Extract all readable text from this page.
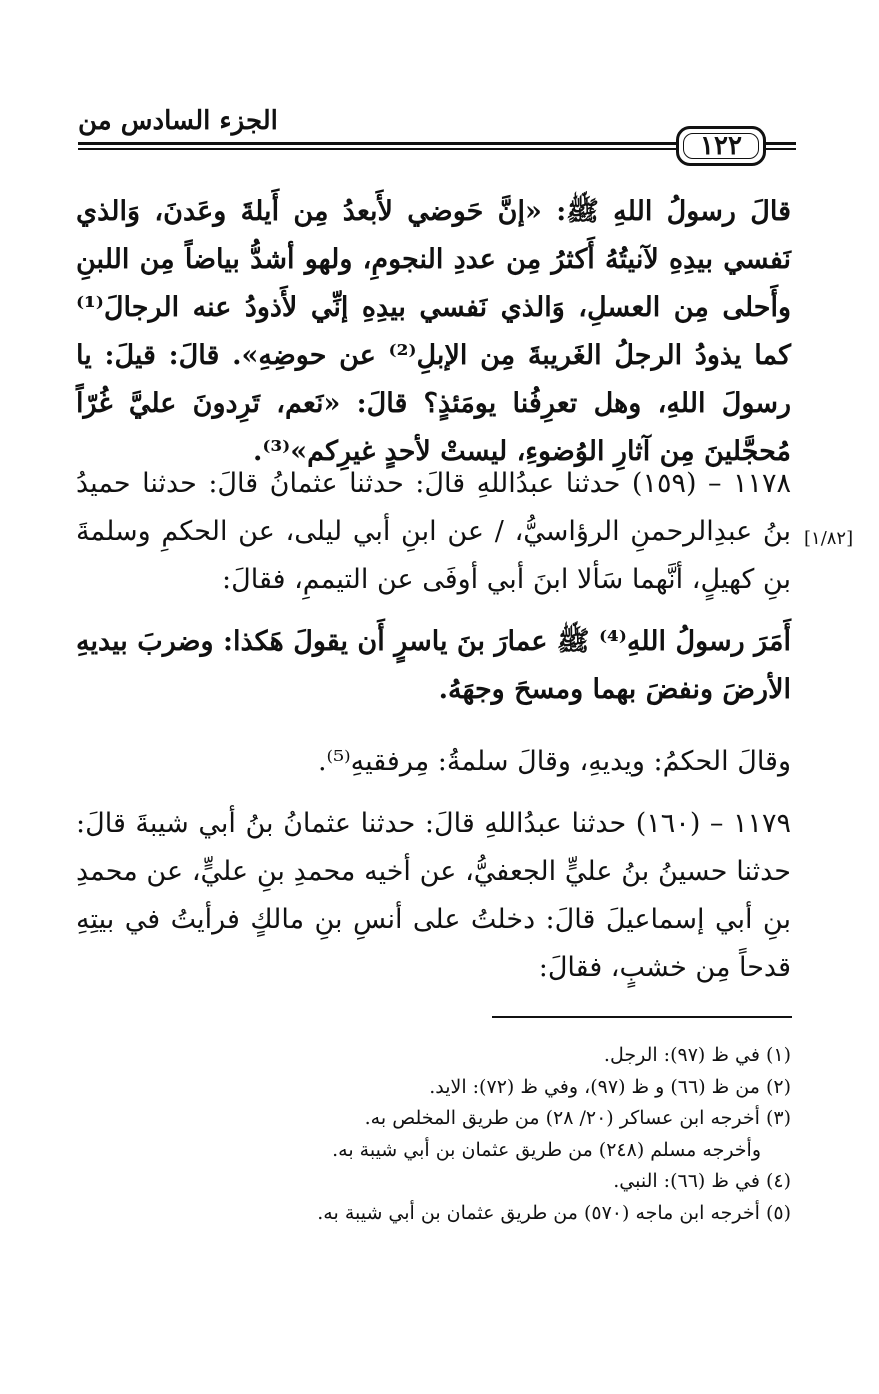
الجزء السادس من
١٢٢
قالَ رسولُ اللهِ ﷺ: «إنَّ حَوضي لأَبعدُ مِن أَيلةَ وعَدنَ، وَالذي نَفسي بيدِهِ لآنيتُهُ أَكثرُ مِن عددِ النجومِ، ولهو أشدُّ بياضاً مِن اللبنِ وأَحلى مِن العسلِ، وَالذي نَفسي بيدِهِ إنِّي لأَذودُ عنه الرجالَ⁽¹⁾ كما يذودُ الرجلُ الغَريبةَ مِن الإبلِ⁽²⁾ عن حوضِهِ». قالَ: قيلَ: يا رسولَ اللهِ، وهل تعرِفُنا يومَئذٍ؟ قالَ: «نَعم، تَرِدونَ عليَّ غُرّاً مُحجَّلينَ مِن آثارِ الوُضوءِ، ليستْ لأحدٍ غيرِكم»⁽³⁾.
١١٧٨ – (١٥٩) حدثنا عبدُاللهِ قالَ: حدثنا عثمانُ قالَ: حدثنا حميدُ بنُ عبدِالرحمنِ الرؤاسيُّ، / عن ابنِ أبي ليلى، عن الحكمِ وسلمةَ بنِ كهيلٍ، أنَّهما سَألا ابنَ أبي أوفَى عن التيممِ، فقالَ:
[١/٨٢]
أَمَرَ رسولُ اللهِ⁽⁴⁾ ﷺ عمارَ بنَ ياسرٍ أَن يقولَ هَكذا: وضربَ بيديهِ الأرضَ ونفضَ بهما ومسحَ وجهَهُ.
وقالَ الحكمُ: ويديهِ، وقالَ سلمةُ: مِرفقيهِ⁽⁵⁾.
١١٧٩ – (١٦٠) حدثنا عبدُاللهِ قالَ: حدثنا عثمانُ بنُ أبي شيبةَ قالَ: حدثنا حسينُ بنُ عليٍّ الجعفيُّ، عن أخيه محمدِ بنِ عليٍّ، عن محمدِ بنِ أبي إسماعيلَ قالَ: دخلتُ على أنسِ بنِ مالكٍ فرأيتُ في بيتِهِ قدحاً مِن خشبٍ، فقالَ:
(١) في ظ (٩٧): الرجل.
(٢) من ظ (٦٦) و ظ (٩٧)، وفي ظ (٧٢): الايد.
(٣) أخرجه ابن عساكر (٢٠/ ٢٨) من طريق المخلص به.
وأخرجه مسلم (٢٤٨) من طريق عثمان بن أبي شيبة به.
(٤) في ظ (٦٦): النبي.
(٥) أخرجه ابن ماجه (٥٧٠) من طريق عثمان بن أبي شيبة به.
